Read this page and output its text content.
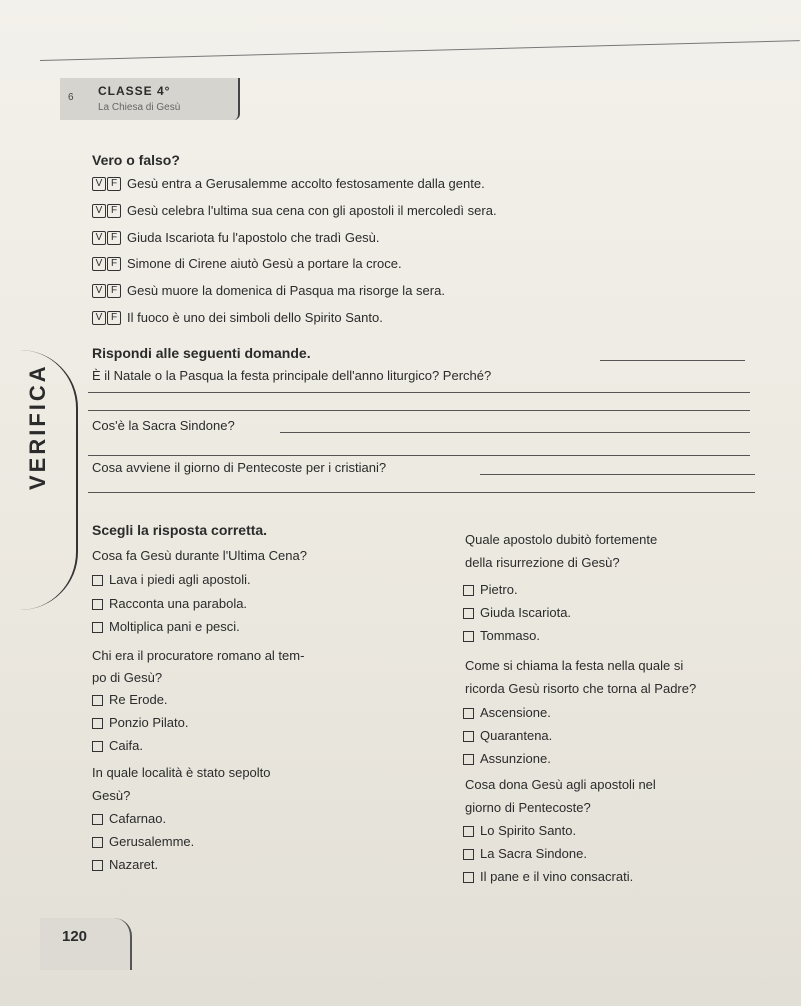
6 CLASSE 4°
La Chiesa di Gesù
Vero o falso?
V F Gesù entra a Gerusalemme accolto festosamente dalla gente.
V F Gesù celebra l'ultima sua cena con gli apostoli il mercoledì sera.
V F Giuda Iscariota fu l'apostolo che tradì Gesù.
V F Simone di Cirene aiutò Gesù a portare la croce.
V F Gesù muore la domenica di Pasqua ma risorge la sera.
V F Il fuoco è uno dei simboli dello Spirito Santo.
Rispondi alle seguenti domande.
È il Natale o la Pasqua la festa principale dell'anno liturgico? Perché?
Cos'è la Sacra Sindone?
Cosa avviene il giorno di Pentecoste per i cristiani?
VERIFICA
Scegli la risposta corretta.
Cosa fa Gesù durante l'Ultima Cena?
Lava i piedi agli apostoli.
Racconta una parabola.
Moltiplica pani e pesci.
Chi era il procuratore romano al tem-
po di Gesù?
Re Erode.
Ponzio Pilato.
Caifa.
In quale località è stato sepolto
Gesù?
Cafarnao.
Gerusalemme.
Nazaret.
Quale apostolo dubitò fortemente
della risurrezione di Gesù?
Pietro.
Giuda Iscariota.
Tommaso.
Come si chiama la festa nella quale si
ricorda Gesù risorto che torna al Padre?
Ascensione.
Quarantena.
Assunzione.
Cosa dona Gesù agli apostoli nel
giorno di Pentecoste?
Lo Spirito Santo.
La Sacra Sindone.
Il pane e il vino consacrati.
120
